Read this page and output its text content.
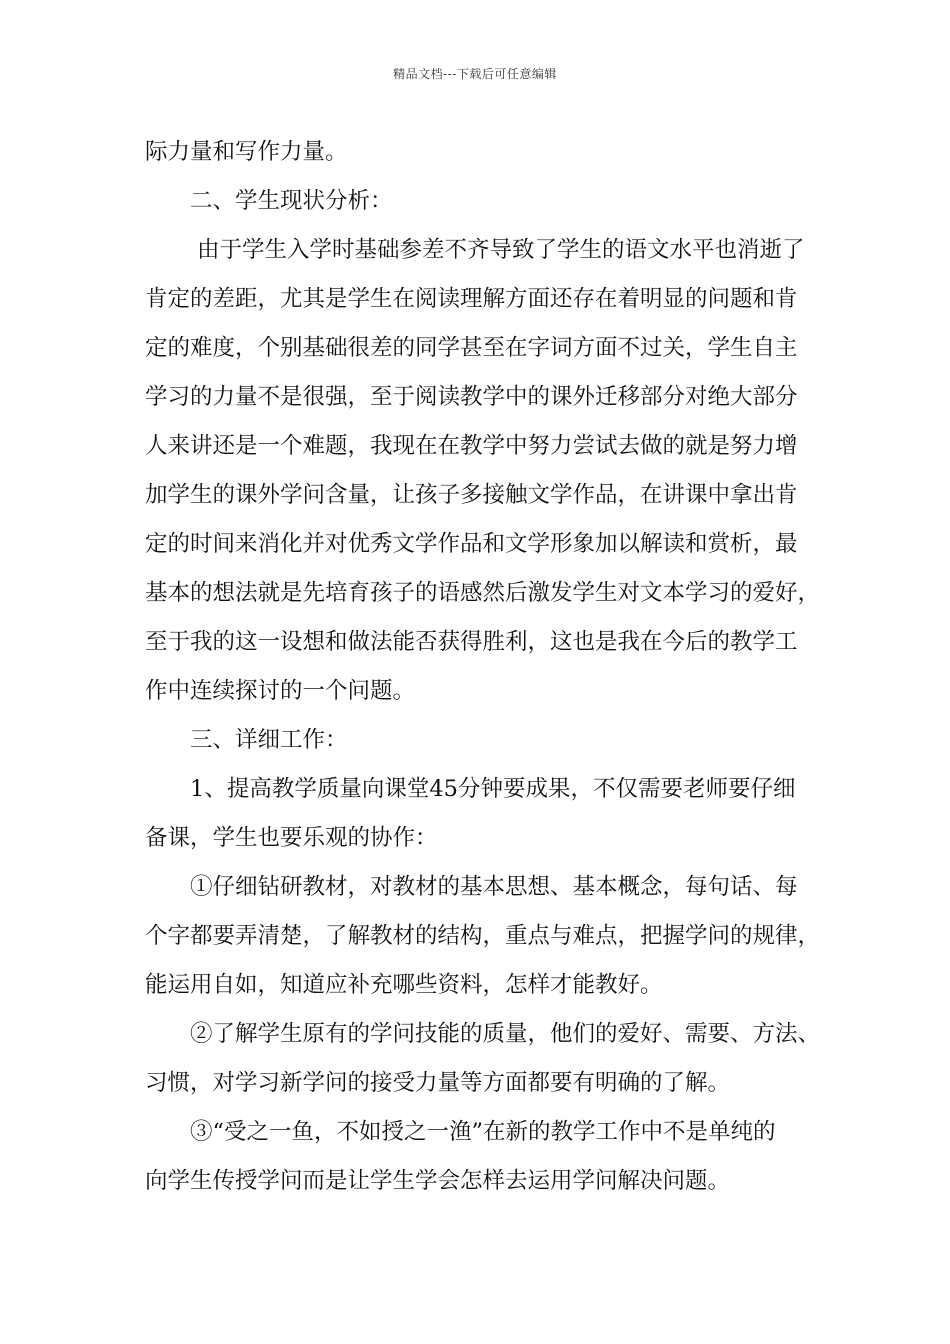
精品文档---下载后可任意编辑
际力量和写作力量。
二、学生现状分析：
由于学生入学时基础参差不齐导致了学生的语文水平也消逝了
肯定的差距，尤其是学生在阅读理解方面还存在着明显的问题和肯
定的难度，个别基础很差的同学甚至在字词方面不过关，学生自主
学习的力量不是很强，至于阅读教学中的课外迁移部分对绝大部分
人来讲还是一个难题，我现在在教学中努力尝试去做的就是努力增
加学生的课外学问含量，让孩子多接触文学作品，在讲课中拿出肯
定的时间来消化并对优秀文学作品和文学形象加以解读和赏析，最
基本的想法就是先培育孩子的语感然后激发学生对文本学习的爱好，
至于我的这一设想和做法能否获得胜利，这也是我在今后的教学工
作中连续探讨的一个问题。
三、详细工作：
1、提高教学质量向课堂45分钟要成果，不仅需要老师要仔细
备课，学生也要乐观的协作：
①仔细钻研教材，对教材的基本思想、基本概念，每句话、每
个字都要弄清楚，了解教材的结构，重点与难点，把握学问的规律，
能运用自如，知道应补充哪些资料，怎样才能教好。
②了解学生原有的学问技能的质量，他们的爱好、需要、方法、
习惯，对学习新学问的接受力量等方面都要有明确的了解。
③“受之一鱼，不如授之一渔”在新的教学工作中不是单纯的
向学生传授学问而是让学生学会怎样去运用学问解决问题。
